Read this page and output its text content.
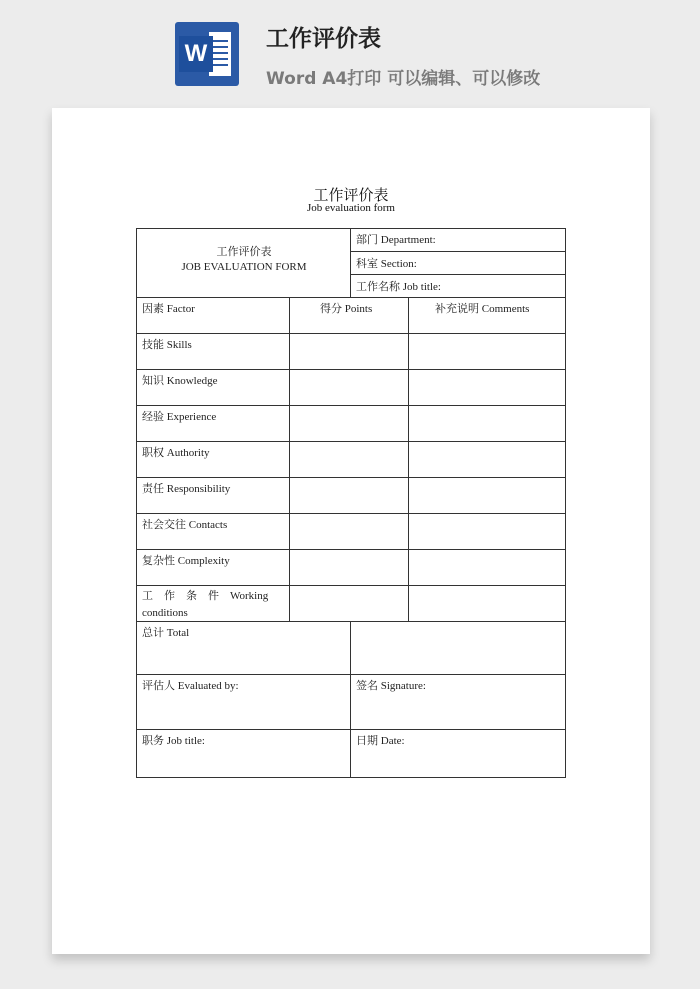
W
工作评价表
Word A4打印 可以编辑、可以修改
工作评价表
Job evaluation form
工作评价表
JOB EVALUATION FORM
部门 Department:
科室 Section:
工作名称 Job title:
因素 Factor	得分 Points	补充说明 Comments
技能 Skills
知识 Knowledge
经验 Experience
职权 Authority
责任 Responsibility
社会交往 Contacts
复杂性 Complexity
工　作　条　件　Working conditions
总计 Total
评估人 Evaluated by:	签名 Signature:
职务 Job title:	日期 Date:
